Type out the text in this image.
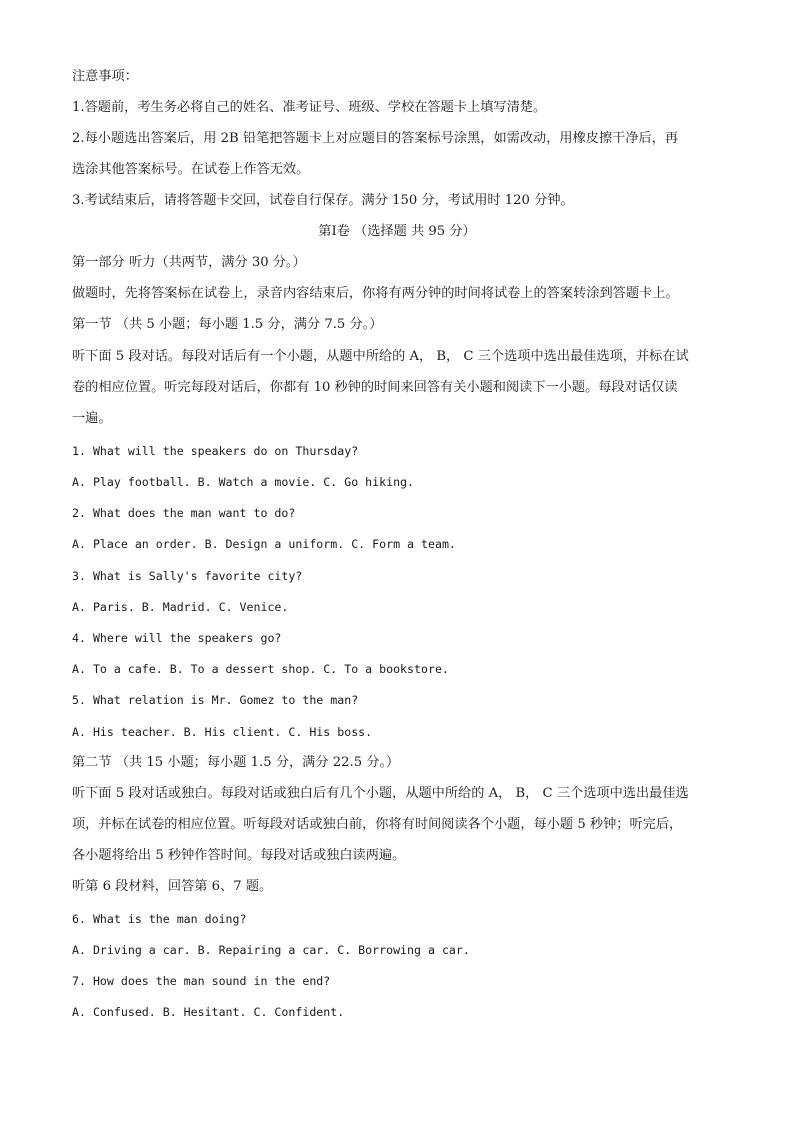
注意事项：
1.答题前，考生务必将自己的姓名、准考证号、班级、学校在答题卡上填写清楚。
2.每小题选出答案后，用 2B 铅笔把答题卡上对应题目的答案标号涂黑，如需改动，用橡皮擦干净后，再
选涂其他答案标号。在试卷上作答无效。
3.考试结束后，请将答题卡交回，试卷自行保存。满分 150 分，考试用时 120 分钟。
第Ⅰ卷 （选择题 共 95 分）
第一部分 听力（共两节，满分 30 分。）
做题时，先将答案标在试卷上，录音内容结束后，你将有两分钟的时间将试卷上的答案转涂到答题卡上。
第一节 （共 5 小题；每小题 1.5 分，满分 7.5 分。）
听下面 5 段对话。每段对话后有一个小题，从题中所给的 A， B， C 三个选项中选出最佳选项，并标在试
卷的相应位置。听完每段对话后，你都有 10 秒钟的时间来回答有关小题和阅读下一小题。每段对话仅读
一遍。
1. What will the speakers do on Thursday?
A. Play football. B. Watch a movie. C. Go hiking.
2. What does the man want to do?
A. Place an order. B. Design a uniform. C. Form a team.
3. What is Sally's favorite city?
A. Paris. B. Madrid. C. Venice.
4. Where will the speakers go?
A. To a cafe. B. To a dessert shop. C. To a bookstore.
5. What relation is Mr. Gomez to the man?
A. His teacher. B. His client. C. His boss.
第二节 （共 15 小题；每小题 1.5 分，满分 22.5 分。）
听下面 5 段对话或独白。每段对话或独白后有几个小题，从题中所给的 A， B， C 三个选项中选出最佳选
项，并标在试卷的相应位置。听每段对话或独白前，你将有时间阅读各个小题，每小题 5 秒钟；听完后，
各小题将给出 5 秒钟作答时间。每段对话或独白读两遍。
听第 6 段材料，回答第 6、7 题。
6. What is the man doing?
A. Driving a car. B. Repairing a car. C. Borrowing a car.
7. How does the man sound in the end?
A. Confused. B. Hesitant. C. Confident.
